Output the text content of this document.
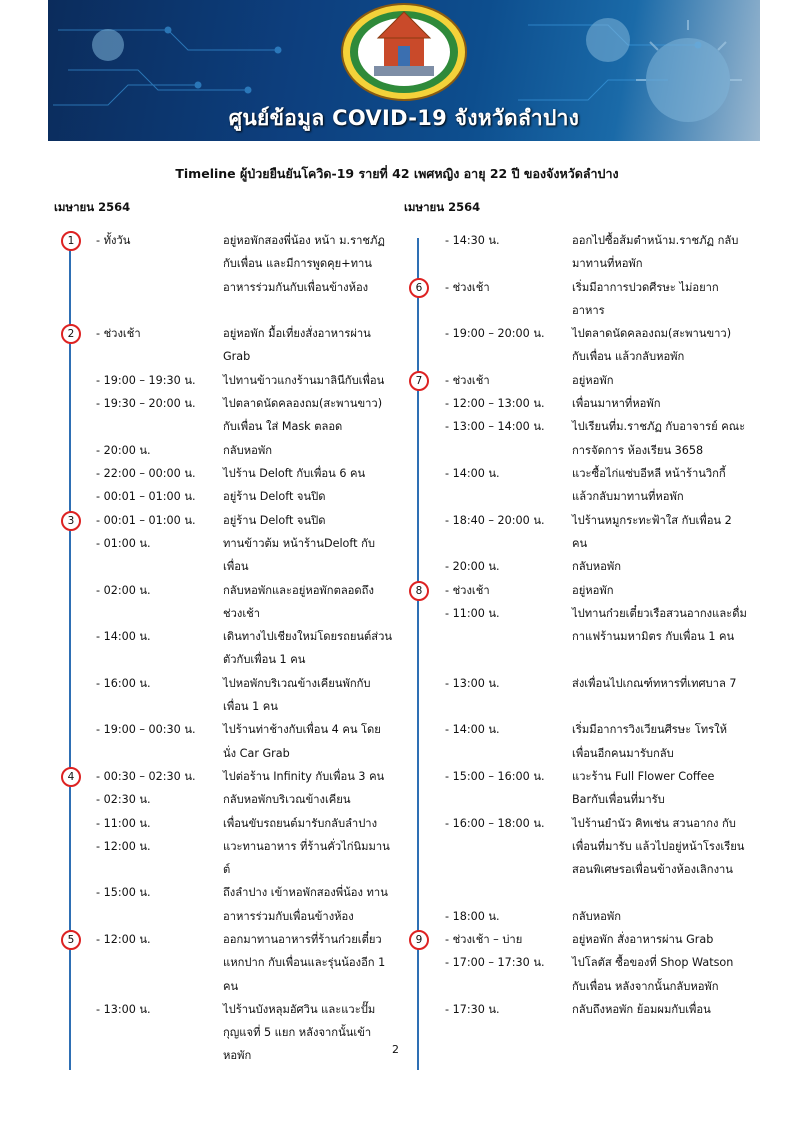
ศูนย์ข้อมูล COVID-19 จังหวัดลำปาง
Timeline ผู้ป่วยยืนยันโควิด-19 รายที่ 42 เพศหญิง อายุ 22 ปี ของจังหวัดลำปาง
เมษายน 2564	เมษายน 2564
- ทั้งวัน	อยู่หอพักสองพี่น้อง หน้า ม.ราชภัฏกับเพื่อน และมีการพูดคุย+ทานอาหารร่วมกันกับเพื่อนข้างห้อง
1
- ช่วงเช้า	อยู่หอพัก มื้อเที่ยงสั่งอาหารผ่าน Grab
2
- 19:00 – 19:30 น. ไปทานข้าวแกงร้านมาลินีกับเพื่อน
- 19:30 – 20:00 น. ไปตลาดนัดคลองถม(สะพานขาว) กับเพื่อน ใส่ Mask ตลอด
- 20:00 น.	กลับหอพัก
- 22:00 – 00:00 น. ไปร้าน Deloft กับเพื่อน 6 คน
- 00:01 – 01:00 น. อยู่ร้าน Deloft จนปิด
- 00:01 – 01:00 น. อยู่ร้าน Deloft จนปิด
3
- 01:00 น.	ทานข้าวต้ม หน้าร้านDeloft กับเพื่อน
- 02:00 น.	กลับหอพักและอยู่หอพักตลอดถึงช่วงเช้า
- 14:00 น.	เดินทางไปเชียงใหม่โดยรถยนต์ส่วนตัวกับเพื่อน 1 คน
- 16:00 น.	ไปหอพักบริเวณข้างเคียนพักกับเพื่อน 1 คน
- 19:00 – 00:30 น. ไปร้านท่าช้างกับเพื่อน 4 คน โดยนั่ง Car Grab
- 00:30 – 02:30 น. ไปต่อร้าน Infinity กับเพื่อน 3 คน
4
- 02:30 น.	กลับหอพักบริเวณข้างเคียน
- 11:00 น.	เพื่อนขับรถยนต์มารับกลับลำปาง
- 12:00 น.	แวะทานอาหาร ที่ร้านคั่วไก่นิมมานต์
- 15:00 น.	ถึงลำปาง เข้าหอพักสองพี่น้อง ทานอาหารร่วมกับเพื่อนข้างห้อง
- 12:00 น.	ออกมาทานอาหารที่ร้านก๋วยเตี๋ยวแหกปาก กับเพื่อนและรุ่นน้องอีก 1 คน
5
- 13:00 น.	ไปร้านบังหลุมอัศวิน และแวะปั๊มกุญแจที่ 5 แยก หลังจากนั้นเข้าหอพัก
- 14:30 น.	ออกไปซื้อส้มตำหน้าม.ราชภัฏ กลับมาทานที่หอพัก
- ช่วงเช้า	เริ่มมีอาการปวดศีรษะ ไม่อยากอาหาร
6
- 19:00 – 20:00 น. ไปตลาดนัดคลองถม(สะพานขาว) กับเพื่อน แล้วกลับหอพัก
- ช่วงเช้า	อยู่หอพัก
7
- 12:00 – 13:00 น. เพื่อนมาหาที่หอพัก
- 13:00 – 14:00 น. ไปเรียนที่ม.ราชภัฏ กับอาจารย์ คณะการจัดการ ห้องเรียน 3658
- 14:00 น.	แวะซื้อไก่แซ่บอีหลี หน้าร้านวิกกี้ แล้วกลับมาทานที่หอพัก
- 18:40 – 20:00 น. ไปร้านหมูกระทะฟ้าใส กับเพื่อน 2 คน
- 20:00 น.	กลับหอพัก
- ช่วงเช้า	อยู่หอพัก
8
- 11:00 น.	ไปทานก๋วยเตี๋ยวเรือสวนอากงและดื่มกาแฟร้านมหามิตร กับเพื่อน 1 คน
- 13:00 น.	ส่งเพื่อนไปเกณฑ์ทหารที่เทศบาล 7
- 14:00 น.	เริ่มมีอาการวิงเวียนศีรษะ โทรให้เพื่อนอีกคนมารับกลับ
- 15:00 – 16:00 น. แวะร้าน Full Flower Coffee Barกับเพื่อนที่มารับ
- 16:00 – 18:00 น. ไปร้านยำนัว คิทเช่น สวนอากง กับเพื่อนที่มารับ แล้วไปอยู่หน้าโรงเรียนสอนพิเศษรอเพื่อนข้างห้องเลิกงาน
- 18:00 น.	กลับหอพัก
- ช่วงเช้า – บ่าย	อยู่หอพัก สั่งอาหารผ่าน Grab
9
- 17:00 – 17:30 น. ไปโลตัส ซื้อของที่ Shop Watson กับเพื่อน หลังจากนั้นกลับหอพัก
- 17:30 น.	กลับถึงหอพัก ย้อมผมกับเพื่อน
2
